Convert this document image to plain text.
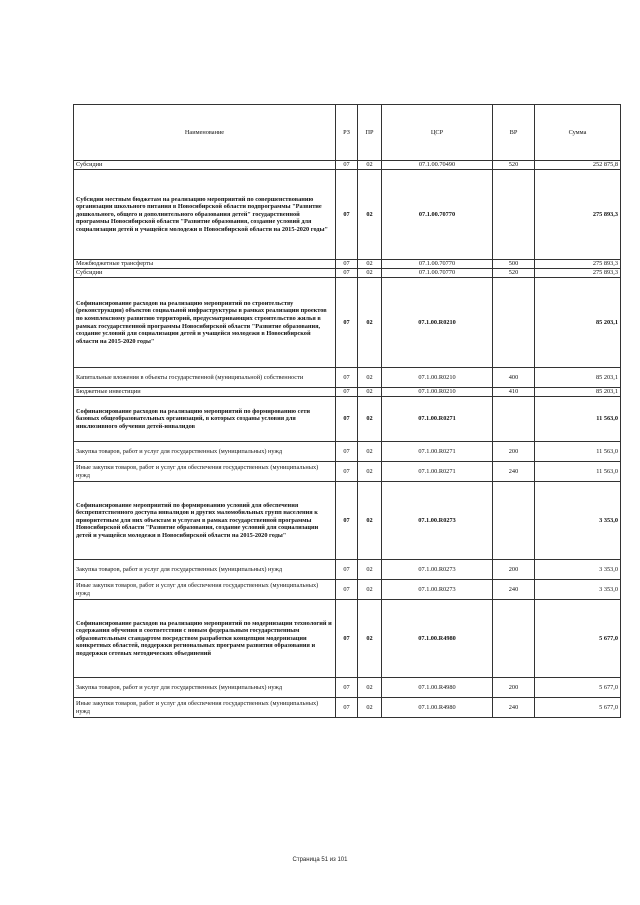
Наименование	РЗ	ПР	ЦСР	ВР	Сумма
Субсидии	07	02	07.1.00.70490	520	252 875,8
Субсидии местным бюджетам на реализацию мероприятий по совершенствованию организации школьного питания в Новосибирской области подпрограммы "Развитие дошкольного, общего и дополнительного образования детей" государственной программы Новосибирской области "Развитие образования, создание условий для социализации детей и учащейся молодежи в Новосибирской области на 2015-2020 годы"	07	02	07.1.00.70770		275 893,3
Межбюджетные трансферты	07	02	07.1.00.70770	500	275 893,3
Субсидии	07	02	07.1.00.70770	520	275 893,3
Софинансирование расходов на реализацию мероприятий по строительству (реконструкции) объектов социальной инфраструктуры в рамках реализации проектов по комплексному развитию территорий, предусматривающих строительство жилья в рамках государственной программы Новосибирской области "Развитие образования, создание условий для социализации детей и учащейся молодежи в Новосибирской области на 2015-2020 годы"	07	02	07.1.00.R0210		85 203,1
Капитальные вложения в объекты государственной (муниципальной) собственности	07	02	07.1.00.R0210	400	85 203,1
Бюджетные инвестиции	07	02	07.1.00.R0210	410	85 203,1
Софинансирование расходов на реализацию мероприятий по формированию сети базовых общеобразовательных организаций, в которых созданы условия для инклюзивного обучения детей-инвалидов	07	02	07.1.00.R0271		11 563,0
Закупка товаров, работ и услуг для государственных (муниципальных) нужд	07	02	07.1.00.R0271	200	11 563,0
Иные закупки товаров, работ и услуг для обеспечения государственных (муниципальных) нужд	07	02	07.1.00.R0271	240	11 563,0
Софинансирование мероприятий по формированию условий для обеспечения беспрепятственного доступа инвалидов и других маломобильных групп населения к приоритетным для них объектам и услугам в рамках государственной программы Новосибирской области "Развитие образования, создание условий для социализации детей и учащейся молодежи в Новосибирской области на 2015-2020 годы"	07	02	07.1.00.R0273		3 353,0
Закупка товаров, работ и услуг для государственных (муниципальных) нужд	07	02	07.1.00.R0273	200	3 353,0
Иные закупки товаров, работ и услуг для обеспечения государственных (муниципальных) нужд	07	02	07.1.00.R0273	240	3 353,0
Софинансирование расходов на реализацию мероприятий по модернизации технологий и содержания обучения в соответствии с новым федеральным государственным образовательным стандартом посредством разработки концепции модернизации конкретных областей, поддержки региональных программ развития образования и поддержки сетевых методических объединений	07	02	07.1.00.R4980		5 677,0
Закупка товаров, работ и услуг для государственных (муниципальных) нужд	07	02	07.1.00.R4980	200	5 677,0
Иные закупки товаров, работ и услуг для обеспечения государственных (муниципальных) нужд	07	02	07.1.00.R4980	240	5 677,0
Страница 51 из 101
